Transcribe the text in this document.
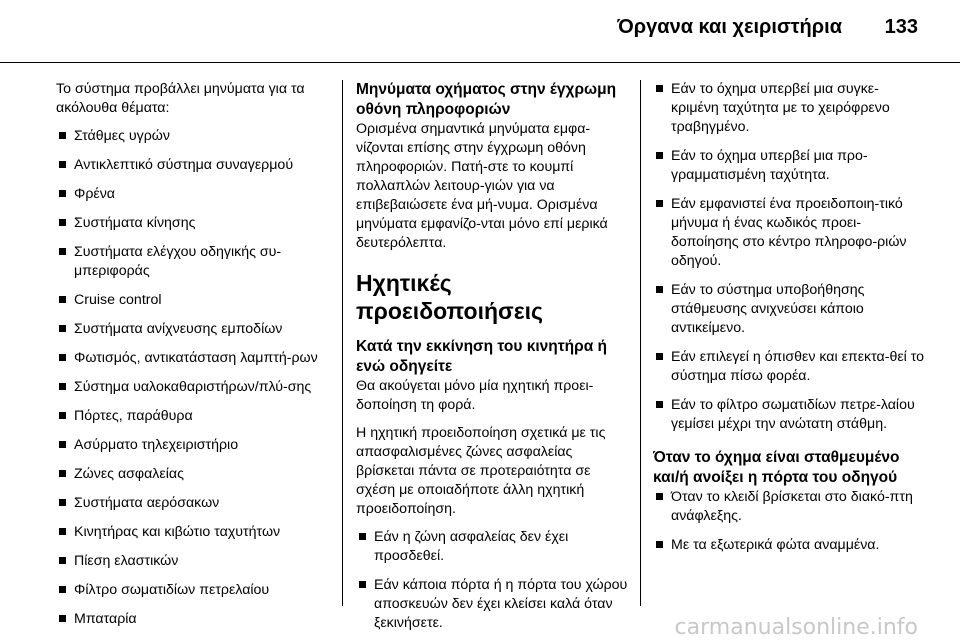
Όργανα και χειριστήρια 133

Το σύστημα προβάλλει μηνύματα για τα ακόλουθα θέματα:

Στάθμες υγρών
Αντικλεπτικό σύστημα συναγερμού
Φρένα
Συστήματα κίνησης
Συστήματα ελέγχου οδηγικής συ-μπεριφοράς
Cruise control
Συστήματα ανίχνευσης εμποδίων
Φωτισμός, αντικατάσταση λαμπτή-ρων
Σύστημα υαλοκαθαριστήρων/πλύ-σης
Πόρτες, παράθυρα
Ασύρματο τηλεχειριστήριο
Ζώνες ασφαλείας
Συστήματα αερόσακων
Κινητήρας και κιβώτιο ταχυτήτων
Πίεση ελαστικών
Φίλτρο σωματιδίων πετρελαίου
Μπαταρία
Μηνύματα οχήματος στην έγχρωμη οθόνη πληροφοριών

Ορισμένα σημαντικά μηνύματα εμφα-νίζονται επίσης στην έγχρωμη οθόνη πληροφοριών. Πατή-στε το κουμπί πολλαπλών λειτουρ-γιών για να επιβεβαιώσετε ένα μή-νυμα. Ορισμένα μηνύματα εμφανίζο-νται μόνο επί μερικά δευτερόλεπτα.

Ηχητικές προειδοποιήσεις
Κατά την εκκίνηση του κινητήρα ή ενώ οδηγείτε

Θα ακούγεται μόνο μία ηχητική προει-δοποίηση τη φορά.

Η ηχητική προειδοποίηση σχετικά με τις απασφαλισμένες ζώνες ασφαλείας βρίσκεται πάντα σε προτεραιότητα σε σχέση με οποιαδήποτε άλλη ηχητική προειδοποίηση.

Εάν η ζώνη ασφαλείας δεν έχει προσδεθεί.
Εάν κάποια πόρτα ή η πόρτα του χώρου αποσκευών δεν έχει κλείσει καλά όταν ξεκινήσετε.
Εάν το όχημα υπερβεί μια συγκε-κριμένη ταχύτητα με το χειρόφρενο τραβηγμένο.
Εάν το όχημα υπερβεί μια προ-γραμματισμένη ταχύτητα.
Εάν εμφανιστεί ένα προειδοποιη-τικό μήνυμα ή ένας κωδικός προει-δοποίησης στο κέντρο πληροφο-ριών οδηγού.
Εάν το σύστημα υποβοήθησης στάθμευσης ανιχνεύσει κάποιο αντικείμενο.
Εάν επιλεγεί η όπισθεν και επεκτα-θεί το σύστημα πίσω φορέα.
Εάν το φίλτρο σωματιδίων πετρε-λαίου γεμίσει μέχρι την ανώτατη στάθμη.
Όταν το όχημα είναι σταθμευμένο και/ή ανοίξει η πόρτα του οδηγού
Όταν το κλειδί βρίσκεται στο διακό-πτη ανάφλεξης.
Με τα εξωτερικά φώτα αναμμένα.
carmanualsonline.info
